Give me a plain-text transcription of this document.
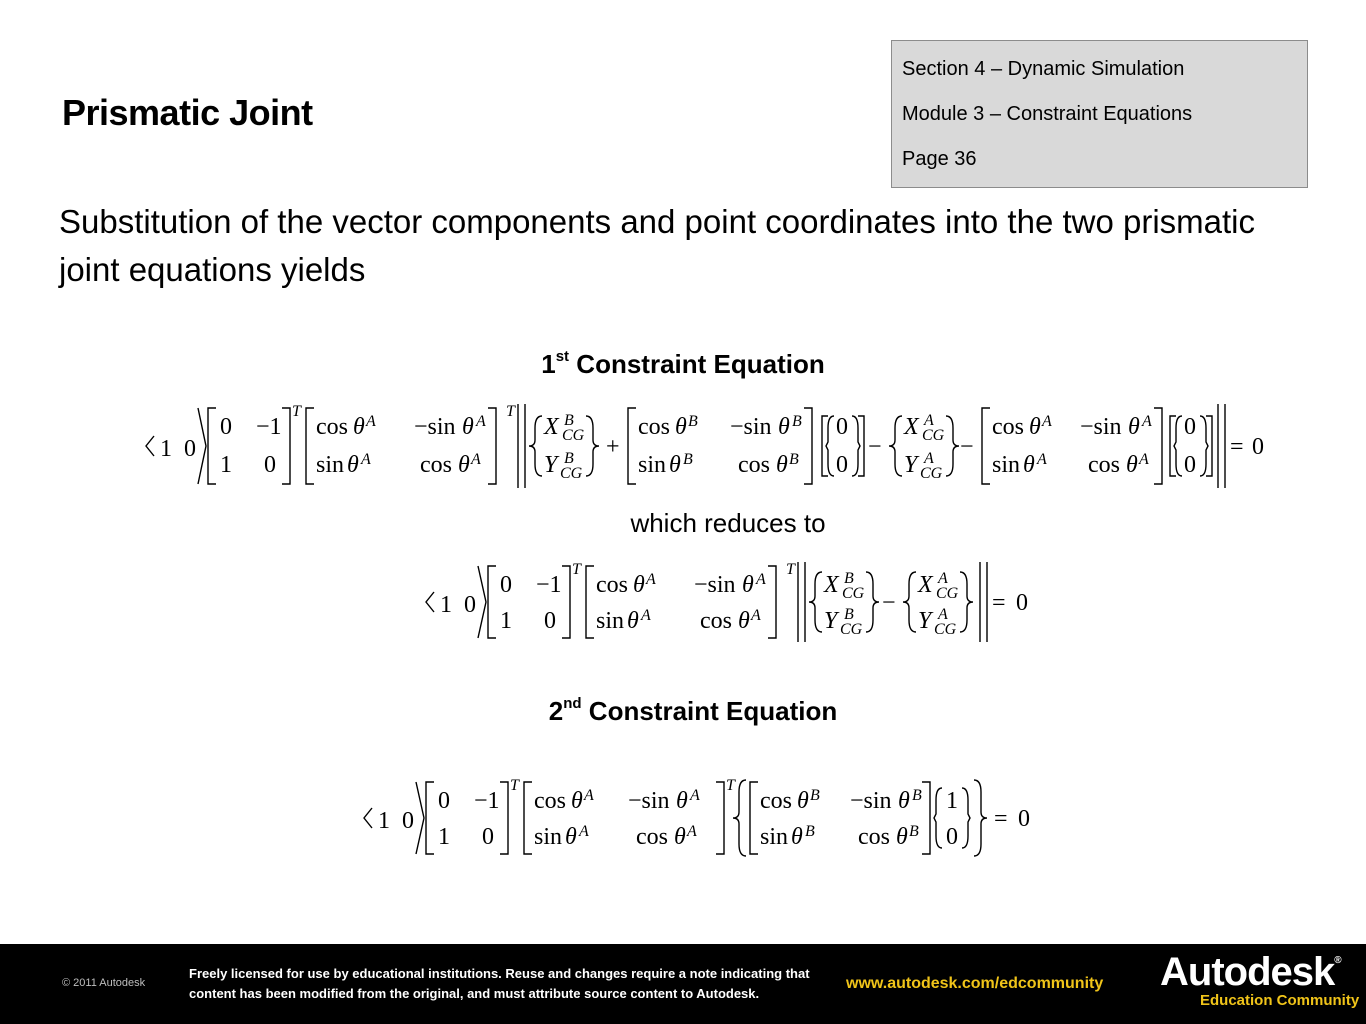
Prismatic Joint
Section 4 – Dynamic Simulation
Module 3 – Constraint Equations
Page 36
Substitution of the vector components and point coordinates into the two prismatic joint equations yields
1st Constraint Equation
1 0
0 −1
1 0
T
cos θ A −sin θ A
sin θ A cos θ A
T
X CG
B
Y CG
B +
cos θ B −sin θ B
sin θ B cos θ B
0
0
−
X CG
A
Y CG
A −
cos θ A −sin θ A
sin θ A cos θ A
0
0
= 0
which reduces to
1 0
0 −1
1 0
T
cos θ A −sin θ A
sin θ A cos θ A
T
X CG
B
Y CG
B −
X CG
A
Y CG
A = 0
2nd Constraint Equation
1 0
0 −1
1 0
T
cos θ A −sin θ A
sin θ A cos θ A
T
cos θ B −sin θ B
sin θ B cos θ B
1
0
= 0
© 2011 Autodesk
Freely licensed for use by educational institutions. Reuse and changes require a note indicating that content has been modified from the original, and must attribute source content to Autodesk.
www.autodesk.com/edcommunity Autodesk®
Education Community
